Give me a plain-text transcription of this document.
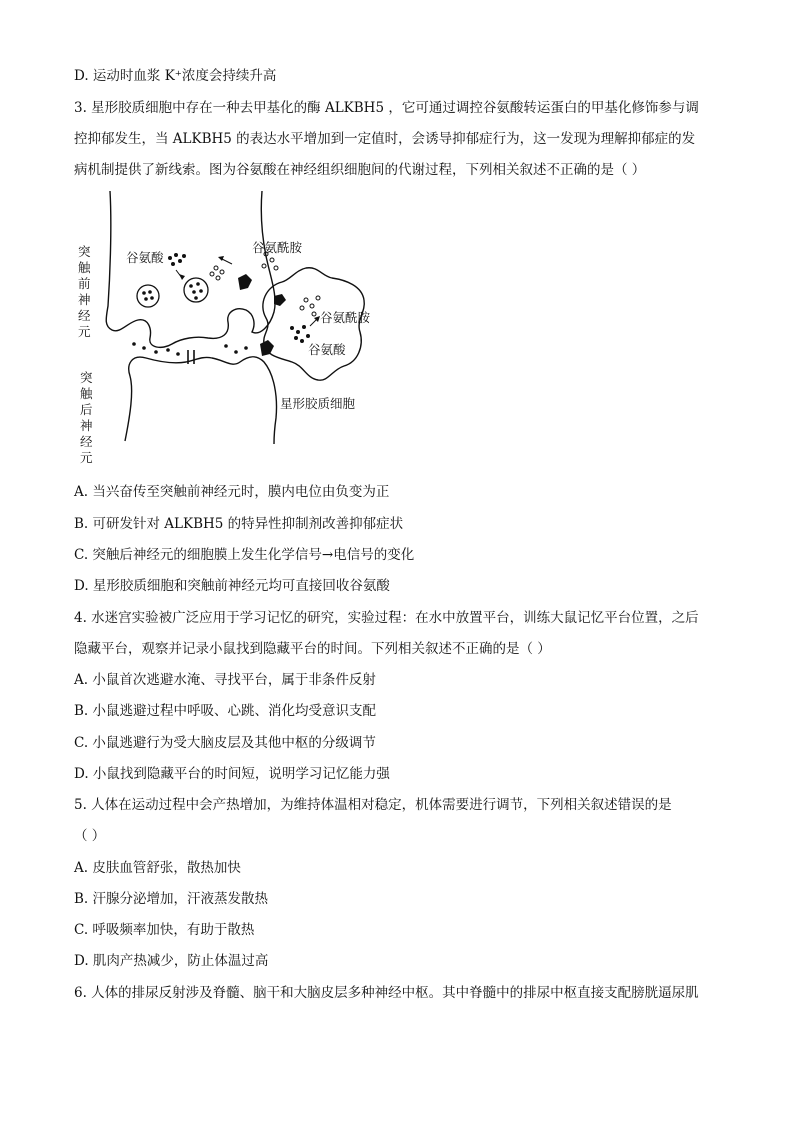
D. 运动时血浆 K⁺浓度会持续升高
3. 星形胶质细胞中存在一种去甲基化的酶 ALKBH5 ，它可通过调控谷氨酸转运蛋白的甲基化修饰参与调
控抑郁发生，当 ALKBH5 的表达水平增加到一定值时，会诱导抑郁症行为，这一发现为理解抑郁症的发
病机制提供了新线索。图为谷氨酸在神经组织细胞间的代谢过程，下列相关叙述不正确的是（ ）
突触前 神经元
突触后 神经元
谷氨酸
谷氨酰胺
谷氨酰胺
谷氨酸
星形胶质细胞
A. 当兴奋传至突触前神经元时，膜内电位由负变为正
B. 可研发针对 ALKBH5 的特异性抑制剂改善抑郁症状
C. 突触后神经元的细胞膜上发生化学信号→电信号的变化
D. 星形胶质细胞和突触前神经元均可直接回收谷氨酸
4. 水迷宫实验被广泛应用于学习记忆的研究，实验过程：在水中放置平台，训练大鼠记忆平台位置，之后
隐藏平台，观察并记录小鼠找到隐藏平台的时间。下列相关叙述不正确的是（ ）
A. 小鼠首次逃避水淹、寻找平台，属于非条件反射
B. 小鼠逃避过程中呼吸、心跳、消化均受意识支配
C. 小鼠逃避行为受大脑皮层及其他中枢的分级调节
D. 小鼠找到隐藏平台的时间短，说明学习记忆能力强
5. 人体在运动过程中会产热增加，为维持体温相对稳定，机体需要进行调节，下列相关叙述错误的是
（ ）
A. 皮肤血管舒张，散热加快
B. 汗腺分泌增加，汗液蒸发散热
C. 呼吸频率加快，有助于散热
D. 肌肉产热减少，防止体温过高
6. 人体的排尿反射涉及脊髓、脑干和大脑皮层多种神经中枢。其中脊髓中的排尿中枢直接支配膀胱逼尿肌
